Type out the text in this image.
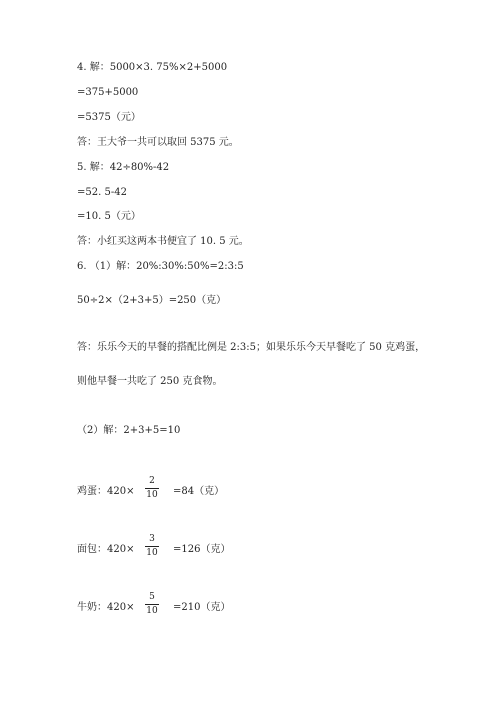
4. 解：5000×3. 75%×2+5000
=375+5000
=5375（元）
答：王大爷一共可以取回 5375 元。
5. 解：42÷80%-42
=52. 5-42
=10. 5（元）
答：小红买这两本书便宜了 10. 5 元。
6. （1）解：20%:30%:50%=2:3:5
50÷2×（2+3+5）=250（克）
答：乐乐今天的早餐的搭配比例是 2:3:5；如果乐乐今天早餐吃了 50 克鸡蛋，
则他早餐一共吃了 250 克食物。
（2）解：2+3+5=10
鸡蛋：$420\times \frac{2}{10} =84$（克）
面包：$420\times \frac{3}{10} =126$（克）
牛奶：$420\times \frac{5}{10} =210$（克）
